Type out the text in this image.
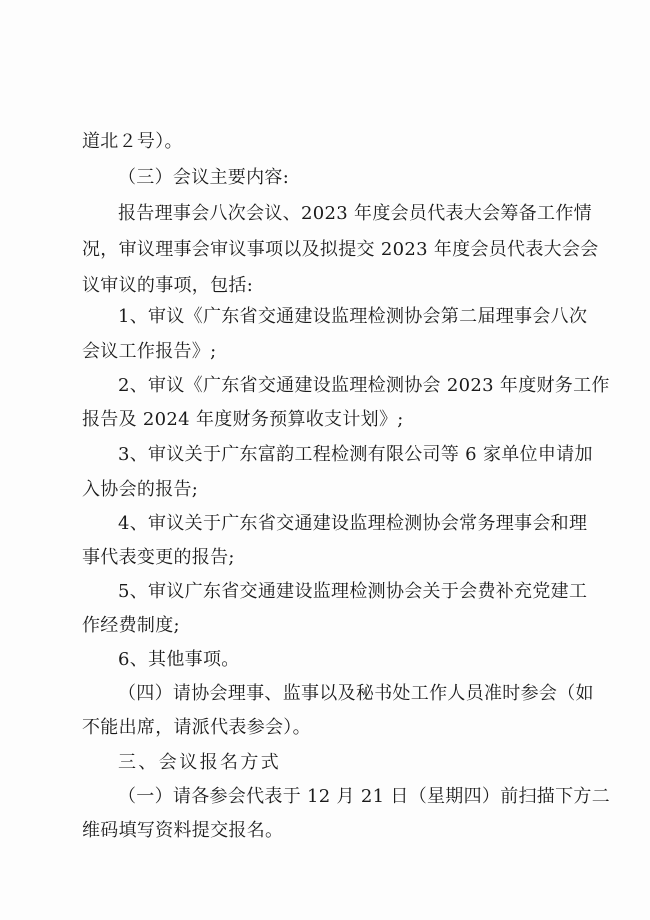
道北２号）。
（三）会议主要内容:
报告理事会八次会议、2023 年度会员代表大会筹备工作情
况，审议理事会审议事项以及拟提交 2023 年度会员代表大会会
议审议的事项，包括:
1、审议《广东省交通建设监理检测协会第二届理事会八次
会议工作报告》;
2、审议《广东省交通建设监理检测协会 2023 年度财务工作
报告及 2024 年度财务预算收支计划》;
3、审议关于广东富韵工程检测有限公司等 6 家单位申请加
入协会的报告;
4、审议关于广东省交通建设监理检测协会常务理事会和理
事代表变更的报告;
5、审议广东省交通建设监理检测协会关于会费补充党建工
作经费制度;
6、其他事项。
（四）请协会理事、监事以及秘书处工作人员准时参会（如
不能出席，请派代表参会）。
三、会议报名方式
（一）请各参会代表于 12 月 21 日（星期四）前扫描下方二
维码填写资料提交报名。
